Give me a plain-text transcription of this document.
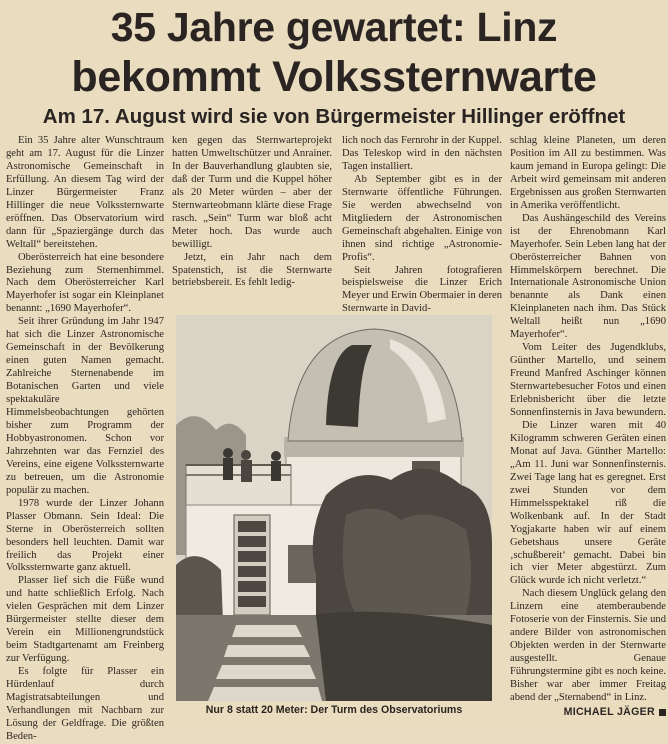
35 Jahre gewartet: Linz
bekommt Volkssternwarte
Am 17. August wird sie von Bürgermeister Hillinger eröffnet

Ein 35 Jahre alter Wunschtraum geht am 17. August für die Linzer Astronomische Gemeinschaft in Erfüllung. An diesem Tag wird der Linzer Bürgermeister Franz Hillinger die neue Volkssternwarte eröffnen. Das Observatorium wird dann für „Spaziergänge durch das Weltall“ bereitstehen.

Oberösterreich hat eine besondere Beziehung zum Sternenhimmel. Nach dem Oberösterreicher Karl Mayerhofer ist sogar ein Kleinplanet benannt: „1690 Mayerhofer“.

Seit ihrer Gründung im Jahr 1947 hat sich die Linzer Astronomische Gemeinschaft in der Bevölkerung einen guten Namen gemacht. Zahlreiche Sternenabende im Botanischen Garten und viele spektakuläre Himmelsbeobachtungen gehörten bisher zum Programm der Hobbyastronomen. Schon vor Jahrzehnten war das Fernziel des Vereins, eine eigene Volkssternwarte zu betreuen, um die Astronomie populär zu machen.

1978 wurde der Linzer Johann Plasser Obmann. Sein Ideal: Die Sterne in Oberösterreich sollten besonders hell leuchten. Damit war freilich das Projekt einer Volkssternwarte ganz aktuell.

Plasser lief sich die Füße wund und hatte schließlich Erfolg. Nach vielen Gesprächen mit dem Linzer Bürgermeister stellte dieser dem Verein ein Millionengrundstück beim Stadtgartenamt am Freinberg zur Verfügung.

Es folgte für Plasser ein Hürdenlauf durch Magistratsabteilungen und Verhandlungen mit Nachbarn zur Lösung der Geldfrage. Die größten Beden-

ken gegen das Sternwarteprojekt hatten Umweltschützer und Anrainer. In der Bauverhandlung glaubten sie, daß der Turm und die Kuppel höher als 20 Meter würden – aber der Sternwarteobmann klärte diese Frage rasch. „Sein“ Turm war bloß acht Meter hoch. Das wurde auch bewilligt.

Jetzt, ein Jahr nach dem Spatenstich, ist die Sternwarte betriebsbereit. Es fehlt ledig-

lich noch das Fernrohr in der Kuppel. Das Teleskop wird in den nächsten Tagen installiert.

Ab September gibt es in der Sternwarte öffentliche Führungen. Sie werden abwechselnd von Mitgliedern der Astronomischen Gemeinschaft abgehalten. Einige von ihnen sind richtige „Astronomie-Profis“.

Seit Jahren fotografieren beispielsweise die Linzer Erich Meyer und Erwin Obermaier in deren Sternwarte in David-

schlag kleine Planeten, um deren Position im All zu bestimmen. Was kaum jemand in Europa gelingt: Die Arbeit wird gemeinsam mit anderen Ergebnissen aus großen Sternwarten in Amerika veröffentlicht.

Das Aushängeschild des Vereins ist der Ehrenobmann Karl Mayerhofer. Sein Leben lang hat der Oberösterreicher Bahnen von Himmelskörpern berechnet. Die Internationale Astronomische Union benannte als Dank einen Kleinplaneten nach ihm. Das Stück Weltall heißt nun „1690 Mayerhofer“.

Vom Leiter des Jugendklubs, Günther Martello, und seinem Freund Manfred Aschinger können Sternwartebesucher Fotos und einen Erlebnisbericht über die letzte Sonnenfinsternis in Java bewundern.

Die Linzer waren mit 40 Kilogramm schweren Geräten einen Monat auf Java. Günther Martello: „Am 11. Juni war Sonnenfinsternis. Zwei Tage lang hat es geregnet. Erst zwei Stunden vor dem Himmelsspektakel riß die Wolkenbank auf. In der Stadt Yogjakarte haben wir auf einem Gebetshaus unsere Geräte ‚schußbereit‘ gemacht. Dabei bin ich vier Meter abgestürzt. Zum Glück wurde ich nicht verletzt.“

Nach diesem Unglück gelang den Linzern eine atemberaubende Fotoserie von der Finsternis. Sie und andere Bilder von astronomischen Objekten werden in der Sternwarte ausgestellt. Genaue Führungstermine gibt es noch keine. Bisher war aber immer Freitag abend der „Sternabend“ in Linz.

MICHAEL JÄGER

Nur 8 statt 20 Meter: Der Turm des Observatoriums
